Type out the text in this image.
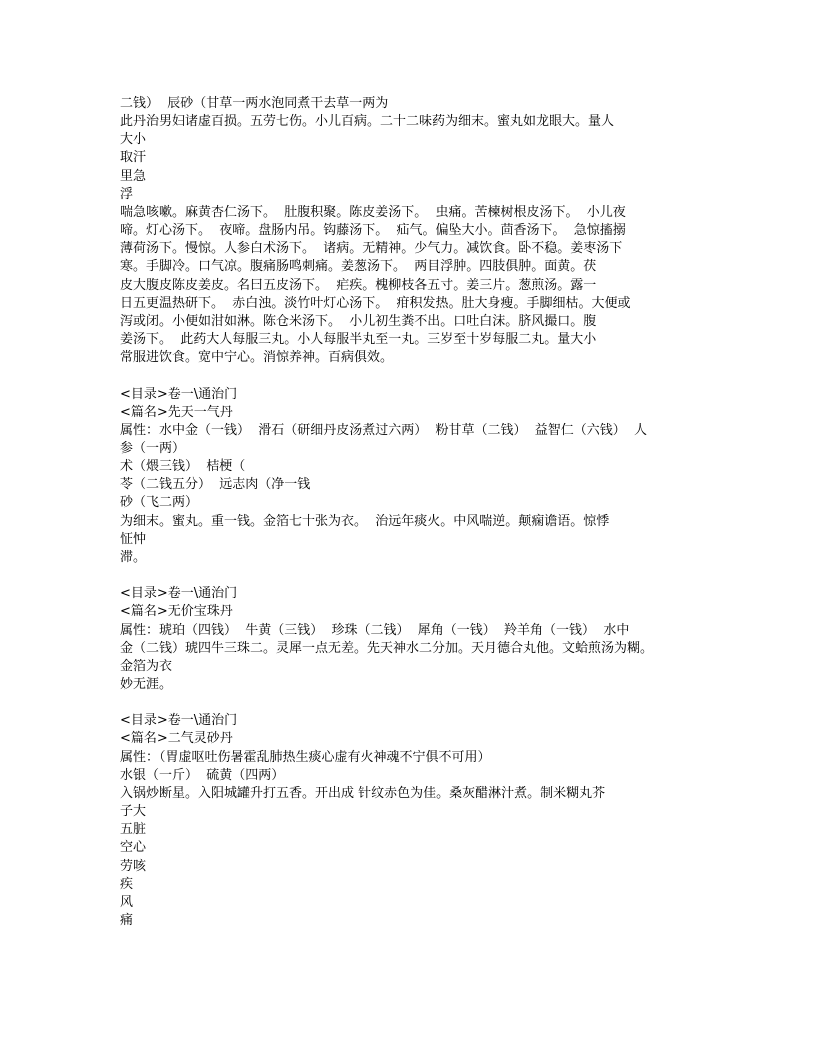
二钱）  辰砂（甘草一两水泡同煮干去草一两为
此丹治男妇诸虚百损。五劳七伤。小儿百病。二十二味药为细末。蜜丸如龙眼大。量人
大小
取汗
里急
浮
喘急咳嗽。麻黄杏仁汤下。  肚腹积聚。陈皮姜汤下。  虫痛。苦楝树根皮汤下。  小儿夜
啼。灯心汤下。  夜啼。盘肠内吊。钩藤汤下。  疝气。偏坠大小。茴香汤下。  急惊搐搦
薄荷汤下。慢惊。人参白术汤下。  诸病。无精神。少气力。减饮食。卧不稳。姜枣汤下
寒。手脚冷。口气凉。腹痛肠鸣刺痛。姜葱汤下。  两目浮肿。四肢俱肿。面黄。茯
皮大腹皮陈皮姜皮。名曰五皮汤下。  疟疾。槐柳枝各五寸。姜三片。葱煎汤。露一
日五更温热研下。  赤白浊。淡竹叶灯心汤下。  疳积发热。肚大身瘦。手脚细枯。大便或
泻或闭。小便如泔如淋。陈仓米汤下。  小儿初生粪不出。口吐白沫。脐风撮口。腹
姜汤下。  此药大人每服三丸。小人每服半丸至一丸。三岁至十岁每服二丸。量大小
常服进饮食。宽中宁心。消惊养神。百病俱效。
<目录>卷一\通治门
<篇名>先天一气丹
属性：水中金（一钱）  滑石（研细丹皮汤煮过六两）  粉甘草（二钱）  益智仁（六钱）  人
参（一两）
术（煨三钱）  桔梗（
苓（二钱五分）  远志肉（净一钱
砂（飞二两）
为细末。蜜丸。重一钱。金箔七十张为衣。  治远年痰火。中风喘逆。颠痫谵语。惊悸
怔忡
滞。
<目录>卷一\通治门
<篇名>无价宝珠丹
属性：琥珀（四钱）  牛黄（三钱）  珍珠（二钱）  犀角（一钱）  羚羊角（一钱）  水中
金（二钱）琥四牛三珠二。灵犀一点无差。先天神水二分加。天月德合丸他。文蛤煎汤为糊。
金箔为衣
妙无涯。
<目录>卷一\通治门
<篇名>二气灵砂丹
属性：（胃虚呕吐伤暑霍乱肺热生痰心虚有火神魂不宁俱不可用）
水银（一斤）  硫黄（四两）
入锅炒断星。入阳城罐升打五香。开出成 针纹赤色为佳。桑灰醋淋汁煮。制米糊丸芥
子大
五脏
空心
劳咳
疾
风
痛
